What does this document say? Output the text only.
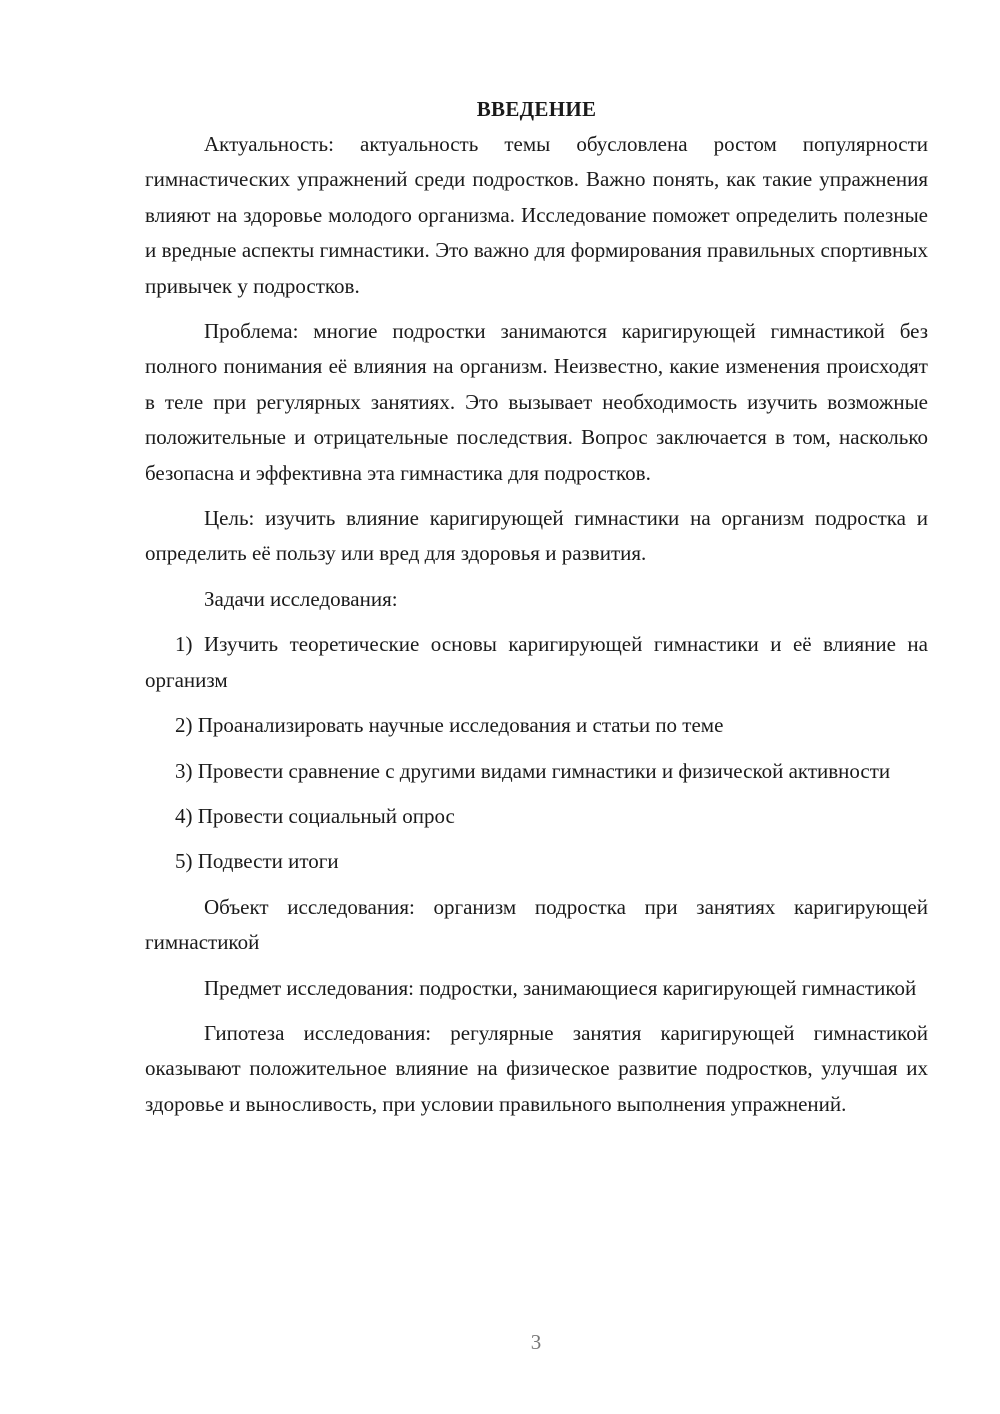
ВВЕДЕНИЕ

Актуальность: актуальность темы обусловлена ростом популярности гимнастических упражнений среди подростков. Важно понять, как такие упражнения влияют на здоровье молодого организма. Исследование поможет определить полезные и вредные аспекты гимнастики. Это важно для формирования правильных спортивных привычек у подростков.

Проблема: многие подростки занимаются каригирующей гимнастикой без полного понимания её влияния на организм. Неизвестно, какие изменения происходят в теле при регулярных занятиях. Это вызывает необходимость изучить возможные положительные и отрицательные последствия. Вопрос заключается в том, насколько безопасна и эффективна эта гимнастика для подростков.

Цель: изучить влияние каригирующей гимнастики на организм подростка и определить её пользу или вред для здоровья и развития.

Задачи исследования:

1) Изучить теоретические основы каригирующей гимнастики и её влияние на организм

2) Проанализировать научные исследования и статьи по теме

3) Провести сравнение с другими видами гимнастики и физической активности

4) Провести социальный опрос

5) Подвести итоги

Объект исследования: организм подростка при занятиях каригирующей гимнастикой

Предмет исследования: подростки, занимающиеся каригирующей гимнастикой

Гипотеза исследования: регулярные занятия каригирующей гимнастикой оказывают положительное влияние на физическое развитие подростков, улучшая их здоровье и выносливость, при условии правильного выполнения упражнений.

3
